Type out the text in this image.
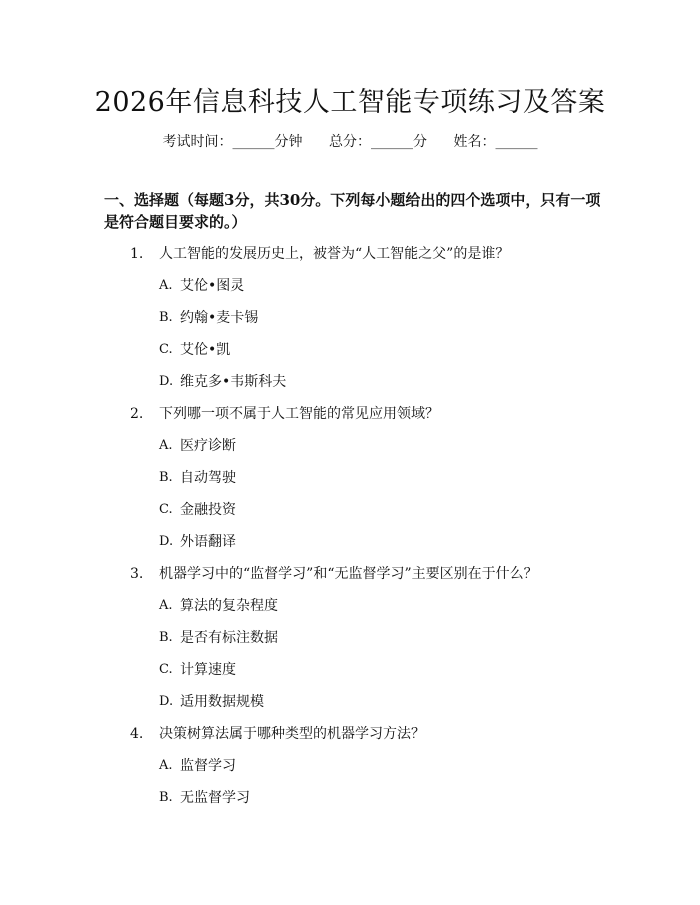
2026年信息科技人工智能专项练习及答案
考试时间：______分钟 总分：______分 姓名：______
一、选择题（每题3分，共30分。下列每小题给出的四个选项中，只有一项是符合题目要求的。）
1. 人工智能的发展历史上，被誉为“人工智能之父”的是谁？
A. 艾伦•图灵
B. 约翰•麦卡锡
C. 艾伦•凯
D. 维克多•韦斯科夫
2. 下列哪一项不属于人工智能的常见应用领域？
A. 医疗诊断
B. 自动驾驶
C. 金融投资
D. 外语翻译
3. 机器学习中的“监督学习”和“无监督学习”主要区别在于什么？
A. 算法的复杂程度
B. 是否有标注数据
C. 计算速度
D. 适用数据规模
4. 决策树算法属于哪种类型的机器学习方法？
A. 监督学习
B. 无监督学习
